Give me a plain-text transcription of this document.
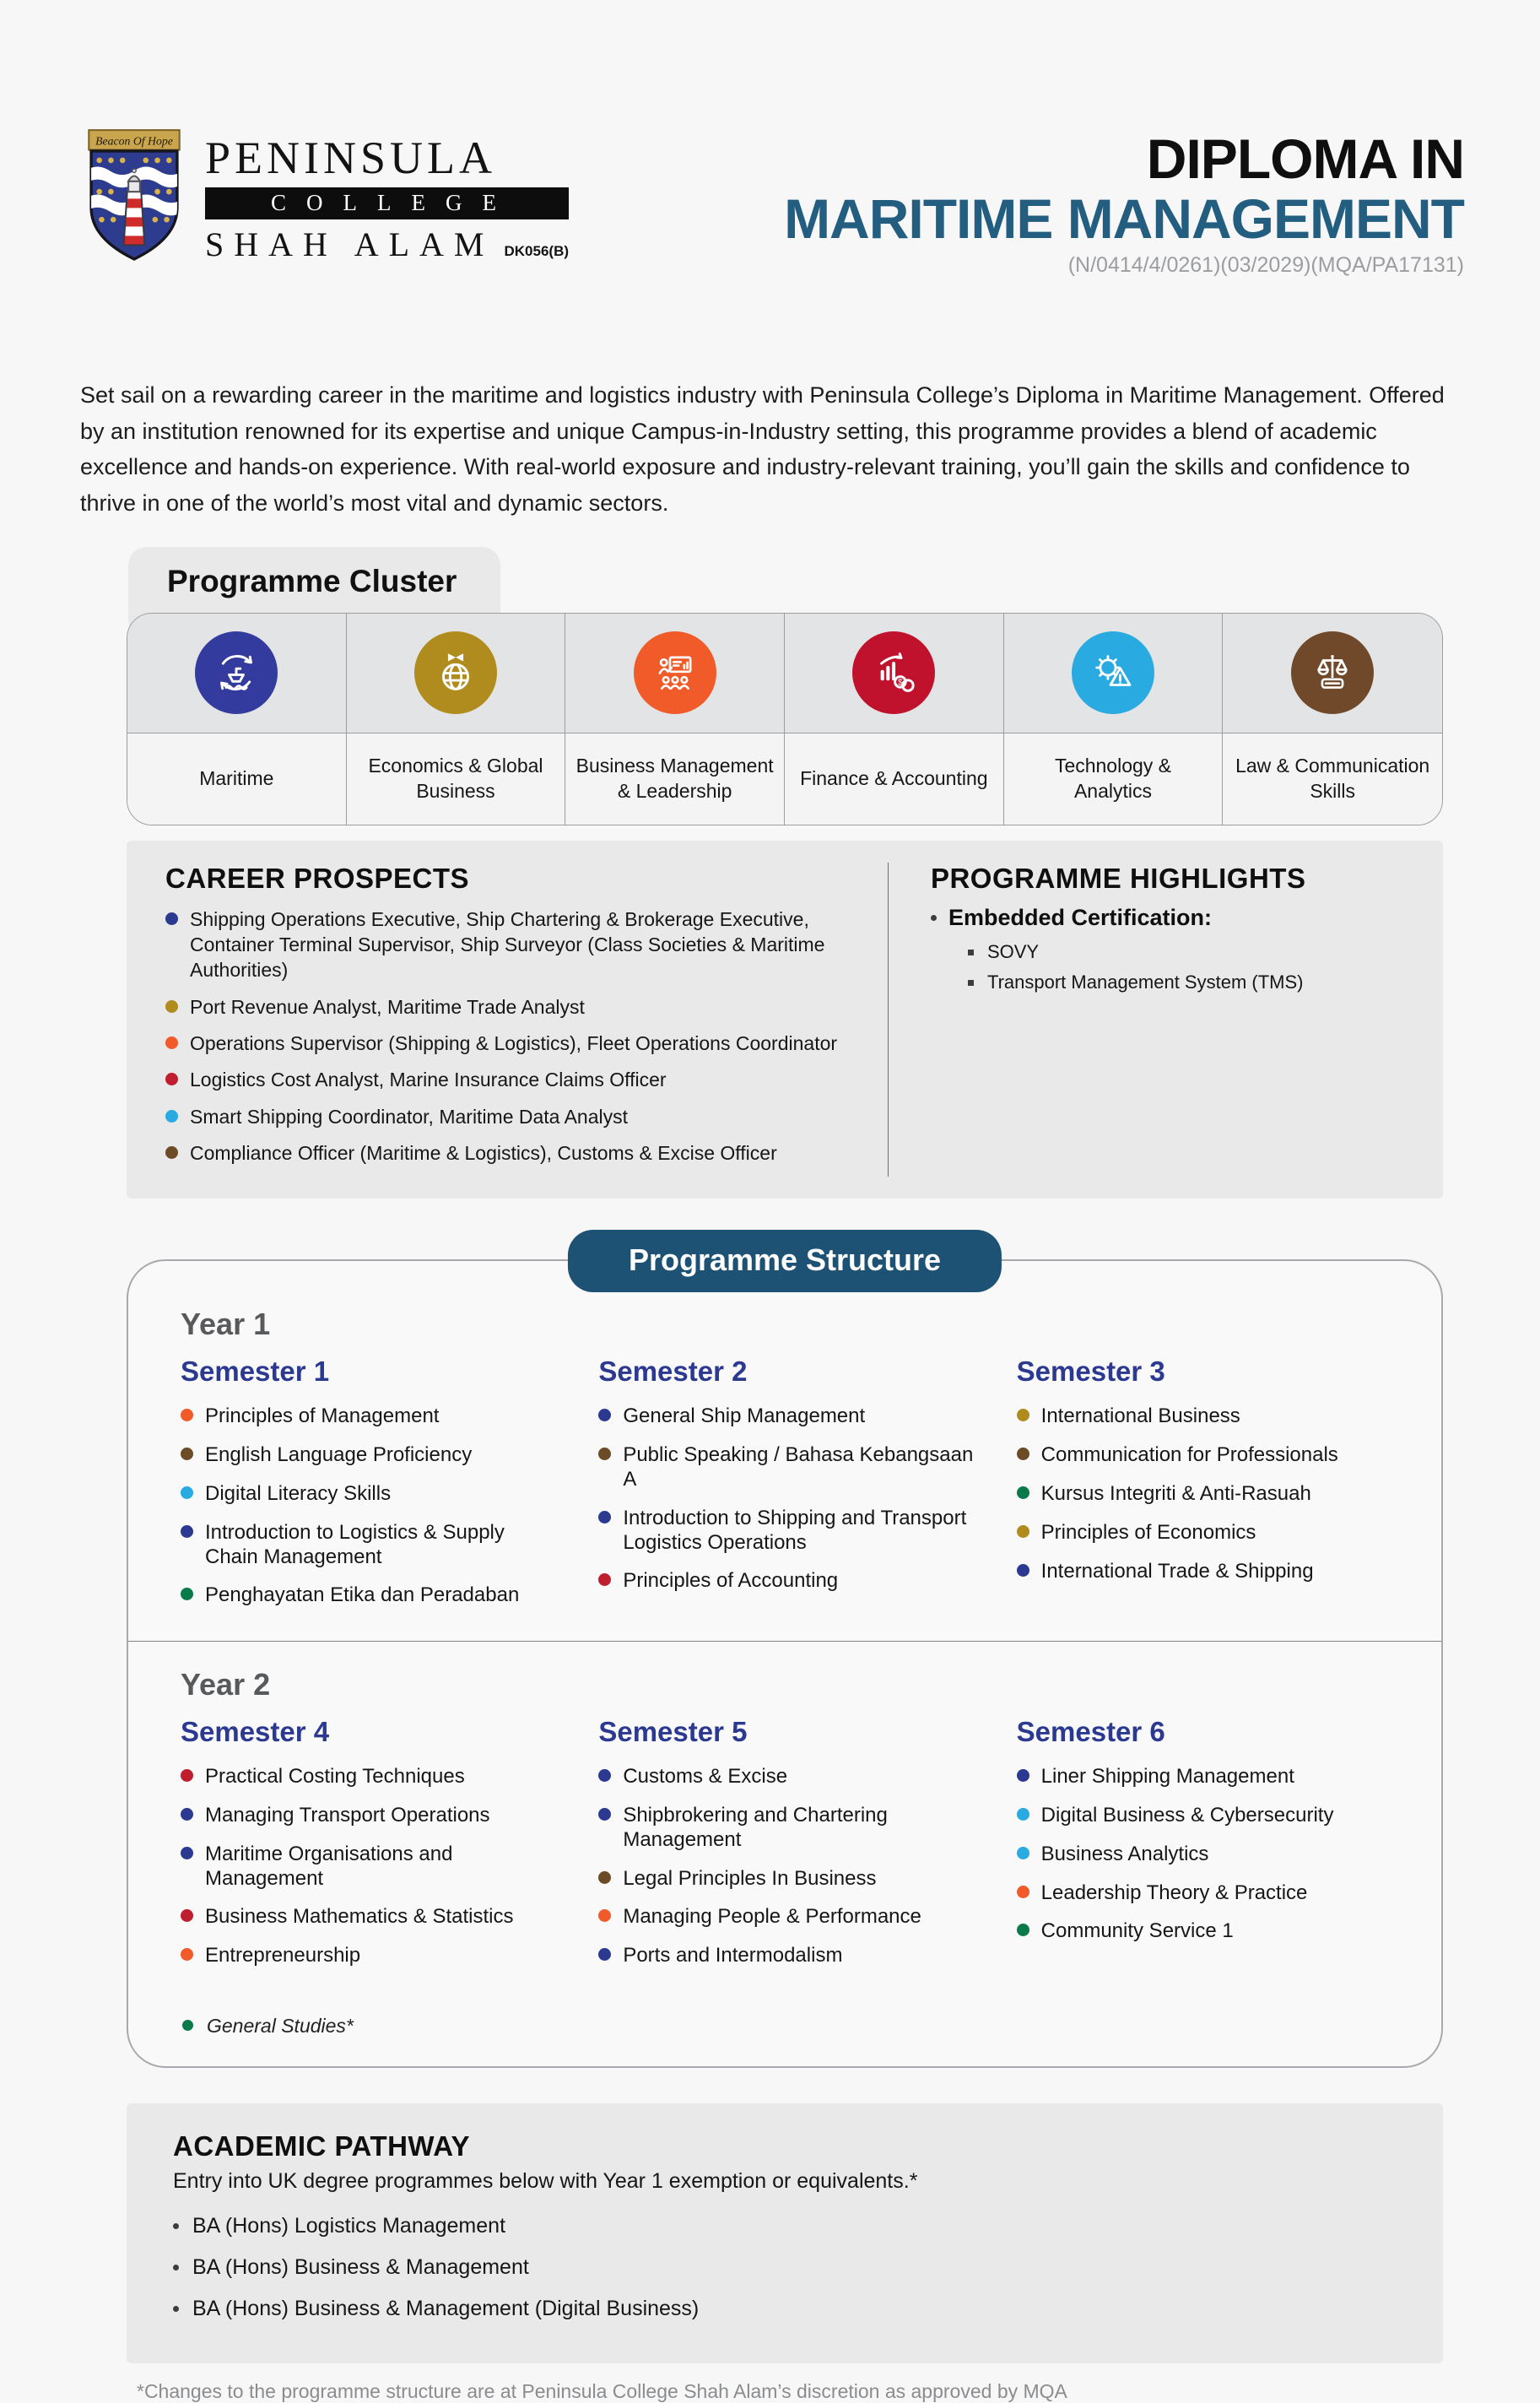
Beacon Of Hope PENINSULA
COLLEGE
SHAH ALAM DK056(B)
DIPLOMA IN
MARITIME MANAGEMENT
(N/0414/4/0261)(03/2029)(MQA/PA17131)

Set sail on a rewarding career in the maritime and logistics industry with Peninsula College’s Diploma in Maritime Management. Offered by an institution renowned for its expertise and unique Campus-in-Industry setting, this programme provides a blend of academic excellence and hands-on experience. With real-world exposure and industry-relevant training, you’ll gain the skills and confidence to thrive in one of the world’s most vital and dynamic sectors.

Programme Cluster
$
Maritime
Economics & Global Business
Business Management & Leadership
Finance & Accounting
Technology & Analytics
Law & Communication Skills
CAREER PROSPECTS
Shipping Operations Executive, Ship Chartering & Brokerage Executive, Container Terminal Supervisor, Ship Surveyor (Class Societies & Maritime Authorities)
Port Revenue Analyst, Maritime Trade Analyst
Operations Supervisor (Shipping & Logistics), Fleet Operations Coordinator
Logistics Cost Analyst, Marine Insurance Claims Officer
Smart Shipping Coordinator, Maritime Data Analyst
Compliance Officer (Maritime & Logistics), Customs & Excise Officer
PROGRAMME HIGHLIGHTS
Embedded Certification:
SOVY
Transport Management System (TMS)
Programme Structure
Year 1
Semester 1
Principles of Management
English Language Proficiency
Digital Literacy Skills
Introduction to Logistics & Supply Chain Management
Penghayatan Etika dan Peradaban
Semester 2
General Ship Management
Public Speaking / Bahasa Kebangsaan A
Introduction to Shipping and Transport Logistics Operations
Principles of Accounting
Semester 3
International Business
Communication for Professionals
Kursus Integriti & Anti-Rasuah
Principles of Economics
International Trade & Shipping
Year 2
Semester 4
Practical Costing Techniques
Managing Transport Operations
Maritime Organisations and Management
Business Mathematics & Statistics
Entrepreneurship
Semester 5
Customs & Excise
Shipbrokering and Chartering Management
Legal Principles In Business
Managing People & Performance
Ports and Intermodalism
Semester 6
Liner Shipping Management
Digital Business & Cybersecurity
Business Analytics
Leadership Theory & Practice
Community Service 1
General Studies*
ACADEMIC PATHWAY
Entry into UK degree programmes below with Year 1 exemption or equivalents.*
BA (Hons) Logistics Management
BA (Hons) Business & Management
BA (Hons) Business & Management (Digital Business)
*Changes to the programme structure are at Peninsula College Shah Alam’s discretion as approved by MQA
